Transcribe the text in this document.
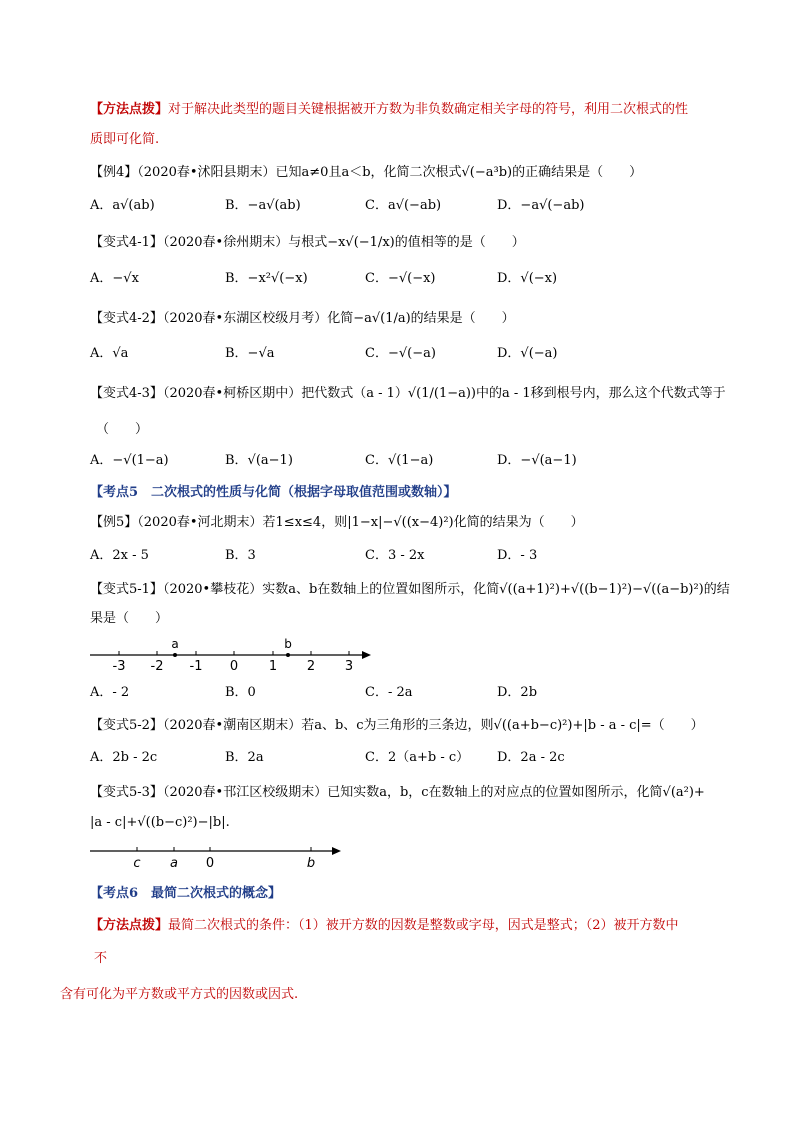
【方法点拨】对于解决此类型的题目关键根据被开方数为非负数确定相关字母的符号，利用二次根式的性
质即可化简.
【例4】（2020春•沭阳县期末）已知a≠0且a＜b，化简二次根式√(−a³b)的正确结果是（　　）
A．a√(ab)	B．−a√(ab)	C．a√(−ab)	D．−a√(−ab)
【变式4-1】（2020春•徐州期末）与根式−x√(−1/x)的值相等的是（　　）
A．−√x	B．−x²√(−x)	C．−√(−x)	D．√(−x)
【变式4-2】（2020春•东湖区校级月考）化简−a√(1/a)的结果是（　　）
A．√a	B．−√a	C．−√(−a)	D．√(−a)
【变式4-3】（2020春•柯桥区期中）把代数式（a - 1）√(1/(1−a))中的a - 1移到根号内，那么这个代数式等于
（　　）
A．−√(1−a)	B．√(a−1)	C．√(1−a)	D．−√(a−1)
【考点5　二次根式的性质与化简（根据字母取值范围或数轴）】
【例5】（2020春•河北期末）若1≤x≤4，则|1−x|−√((x−4)²)化简的结果为（　　）
A．2x - 5	B．3	C．3 - 2x	D．- 3
【变式5-1】（2020•攀枝花）实数a、b在数轴上的位置如图所示，化简√((a+1)²)+√((b−1)²)−√((a−b)²)的结
果是（　　）
-3 -2 -1 0 1 2 3
a	b
A．- 2	B．0	C．- 2a	D．2b
【变式5-2】（2020春•潮南区期末）若a、b、c为三角形的三条边，则√((a+b−c)²)+|b - a - c|=（　　）
A．2b - 2c	B．2a	C．2（a+b - c） D．2a - 2c
【变式5-3】（2020春•邗江区校级期末）已知实数a，b，c在数轴上的对应点的位置如图所示，化简√(a²)+
|a - c|+√((b−c)²)−|b|.
c a 0	b
【考点6　最简二次根式的概念】
【方法点拨】最简二次根式的条件：（1）被开方数的因数是整数或字母，因式是整式；（2）被开方数中
不
含有可化为平方数或平方式的因数或因式.
